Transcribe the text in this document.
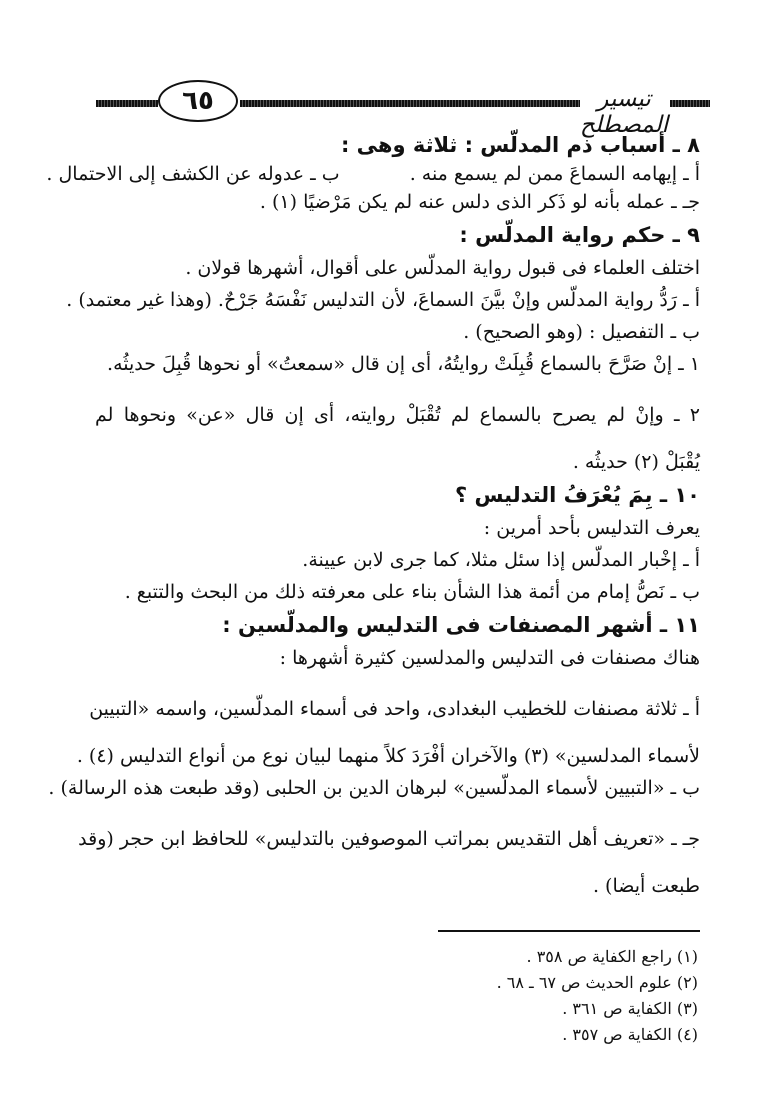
٦٥	تيسير المصطلح

٨ ـ أسباب ذم المدلّس : ثلاثة وهى :

أ ـ إيهامه السماعَ ممن لم يسمع منه .
ب ـ عدوله عن الكشف إلى الاحتمال .

جـ ـ عمله بأنه لو ذَكر الذى دلس عنه لم يكن مَرْضيًا (١) .

٩ ـ حكم رواية المدلّس :

اختلف العلماء فى قبول رواية المدلّس على أقوال، أشهرها قولان .

أ ـ رَدُّ رواية المدلّس وإنْ بيَّنَ السماعَ، لأن التدليس نَفْسَهُ جَرْحٌ. (وهذا غير معتمد) .

ب ـ التفصيل : (وهو الصحيح) .

١ ـ إنْ صَرَّحَ بالسماع قُبِلَتْ روايتُهُ، أى إن قال «سمعتُ» أو نحوها قُبِلَ حديثُه.

٢ ـ وإنْ لم يصرح بالسماع لم تُقْبَلْ روايته، أى إن قال «عن» ونحوها لم

يُقْبَلْ (٢) حديثُه .

١٠ ـ بِمَ يُعْرَفُ التدليس ؟

يعرف التدليس بأحد أمرين :

أ ـ إخْبار المدلّس إذا سئل مثلا، كما جرى لابن عيينة.

ب ـ نَصُّ إمام من أئمة هذا الشأن بناء على معرفته ذلك من البحث والتتبع .

١١ ـ أشهر المصنفات فى التدليس والمدلّسين :

هناك مصنفات فى التدليس والمدلسين كثيرة أشهرها :

أ ـ ثلاثة مصنفات للخطيب البغدادى، واحد فى أسماء المدلّسين، واسمه «التبيين

لأسماء المدلسين» (٣) والآخران أفْرَدَ كلاً منهما لبيان نوع من أنواع التدليس (٤) .

ب ـ «التبيين لأسماء المدلّسين» لبرهان الدين بن الحلبى (وقد طبعت هذه الرسالة) .

جـ ـ «تعريف أهل التقديس بمراتب الموصوفين بالتدليس» للحافظ ابن حجر (وقد

طبعت أيضا) .

(١) راجع الكفاية ص ٣٥٨ .

(٢) علوم الحديث ص ٦٧ ـ ٦٨ .

(٣) الكفاية ص ٣٦١ .

(٤) الكفاية ص ٣٥٧ .
